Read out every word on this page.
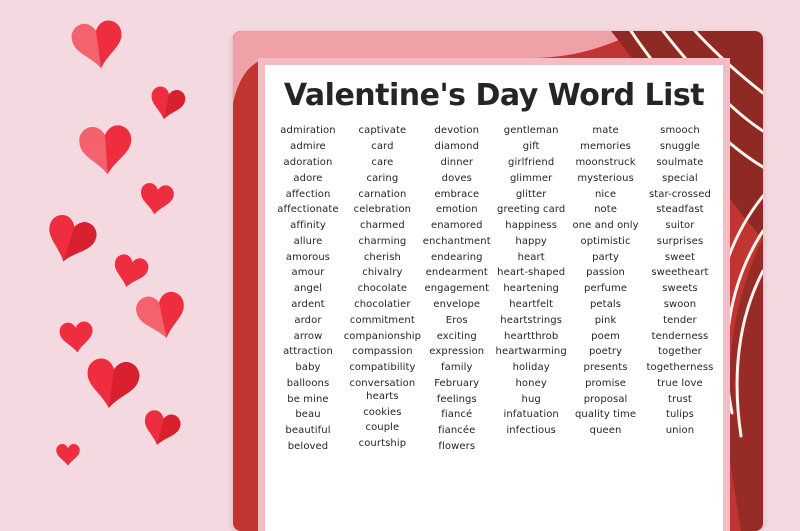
Valentine's Day Word List
admiration
admire
adoration
adore
affection
affectionate
affinity
allure
amorous
amour
angel
ardent
ardor
arrow
attraction
baby
balloons
be mine
beau
beautiful
beloved
captivate
card
care
caring
carnation
celebration
charmed
charming
cherish
chivalry
chocolate
chocolatier
commitment
companionship
compassion
compatibility
conversation hearts
cookies
couple
courtship
devotion
diamond
dinner
doves
embrace
emotion
enamored
enchantment
endearing
endearment
engagement
envelope
Eros
exciting
expression
family
February
feelings
fiancé
fiancée
flowers
gentleman
gift
girlfriend
glimmer
glitter
greeting card
happiness
happy
heart
heart-shaped
heartening
heartfelt
heartstrings
heartthrob
heartwarming
holiday
honey
hug
infatuation
infectious
mate
memories
moonstruck
mysterious
nice
note
one and only
optimistic
party
passion
perfume
petals
pink
poem
poetry
presents
promise
proposal
quality time
queen
smooch
snuggle
soulmate
special
star-crossed
steadfast
suitor
surprises
sweet
sweetheart
sweets
swoon
tender
tenderness
together
togetherness
true love
trust
tulips
union
